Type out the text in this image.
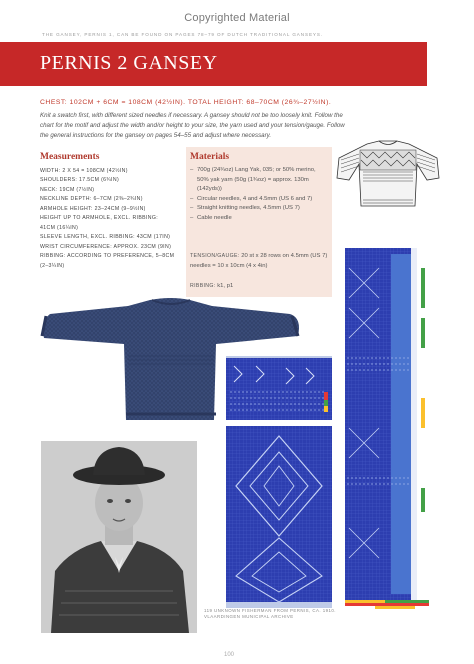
Copyrighted Material
THE GANSEY, PERNIS 1, CAN BE FOUND ON PAGES 78–79 OF DUTCH TRADITIONAL GANSEYS.
PERNIS 2 GANSEY
CHEST: 102CM + 6CM = 108CM (42½IN). TOTAL HEIGHT: 68–70CM (26¾–27½IN).
Knit a swatch first, with different sized needles if necessary. A gansey should not be too loosely knit. Follow the chart for the motif and adjust the width and/or height to your size, the yarn used and your tension/gauge. Follow the general instructions for the gansey on pages 54–55 and adjust where necessary.
Measurements
WIDTH: 2 X 54 = 108CM (42½IN)
SHOULDERS: 17.5CM (6¾IN)
NECK: 19CM (7½IN)
NECKLINE DEPTH: 6–7CM (2⅜–2¾IN)
ARMHOLE HEIGHT: 23–24CM (9–9½IN)
HEIGHT UP TO ARMHOLE, EXCL. RIBBING:
41CM (16¼IN)
SLEEVE LENGTH, EXCL. RIBBING: 43CM (17IN)
WRIST CIRCUMFERENCE: APPROX. 23CM (9IN)
RIBBING: ACCORDING TO PREFERENCE, 5–8CM
(2–3¼IN)
Materials
– 700g (24¾oz) Lang Yak, 035; or 50% merino, 50% yak yarn (50g (1¾oz) = approx. 130m (142yds))
– Circular needles, 4 and 4.5mm (US 6 and 7)
– Straight knitting needles, 4.5mm (US 7)
– Cable needle
TENSION/GAUGE: 20 st x 28 rows on 4.5mm (US 7) needles = 10 x 10cm (4 x 4in)
RIBBING: k1, p1
119 UNKNOWN FISHERMAN FROM PERNIS, CA. 1910. VLAARDINGEN MUNICIPAL ARCHIVE
100
